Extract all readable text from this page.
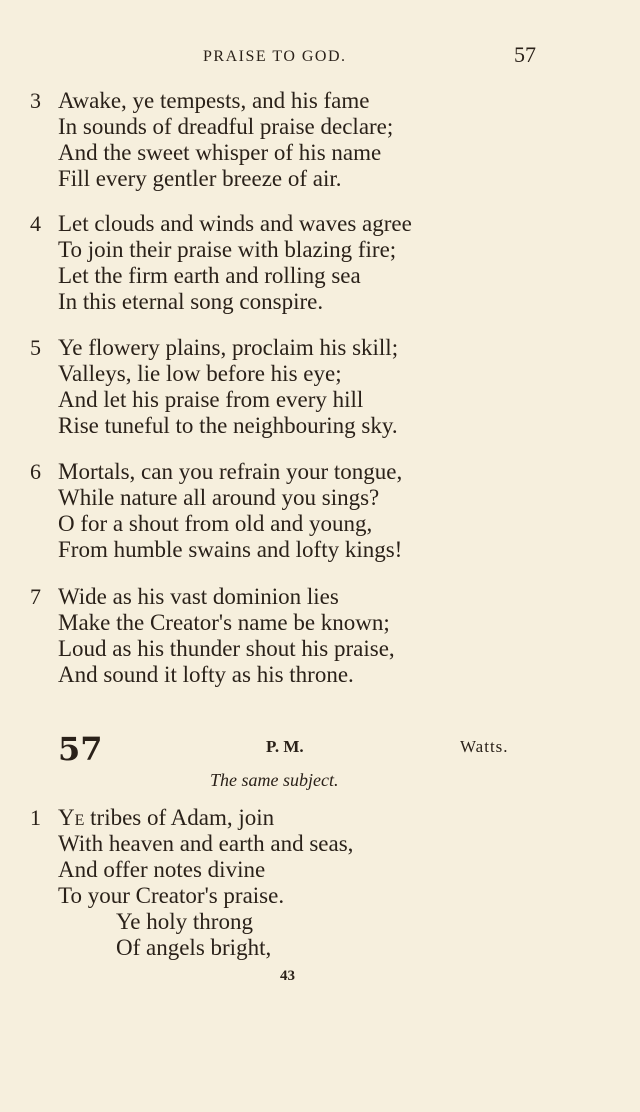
PRAISE TO GOD.	57
3 Awake, ye tempests, and his fame
In sounds of dreadful praise declare;
And the sweet whisper of his name
Fill every gentler breeze of air.
4 Let clouds and winds and waves agree
To join their praise with blazing fire;
Let the firm earth and rolling sea
In this eternal song conspire.
5 Ye flowery plains, proclaim his skill;
Valleys, lie low before his eye;
And let his praise from every hill
Rise tuneful to the neighbouring sky.
6 Mortals, can you refrain your tongue,
While nature all around you sings?
O for a shout from old and young,
From humble swains and lofty kings!
7 Wide as his vast dominion lies
Make the Creator's name be known;
Loud as his thunder shout his praise,
And sound it lofty as his throne.
57	P. M.	Watts.
The same subject.
1 Ye tribes of Adam, join
With heaven and earth and seas,
And offer notes divine
To your Creator's praise.
Ye holy throng
Of angels bright,
43
